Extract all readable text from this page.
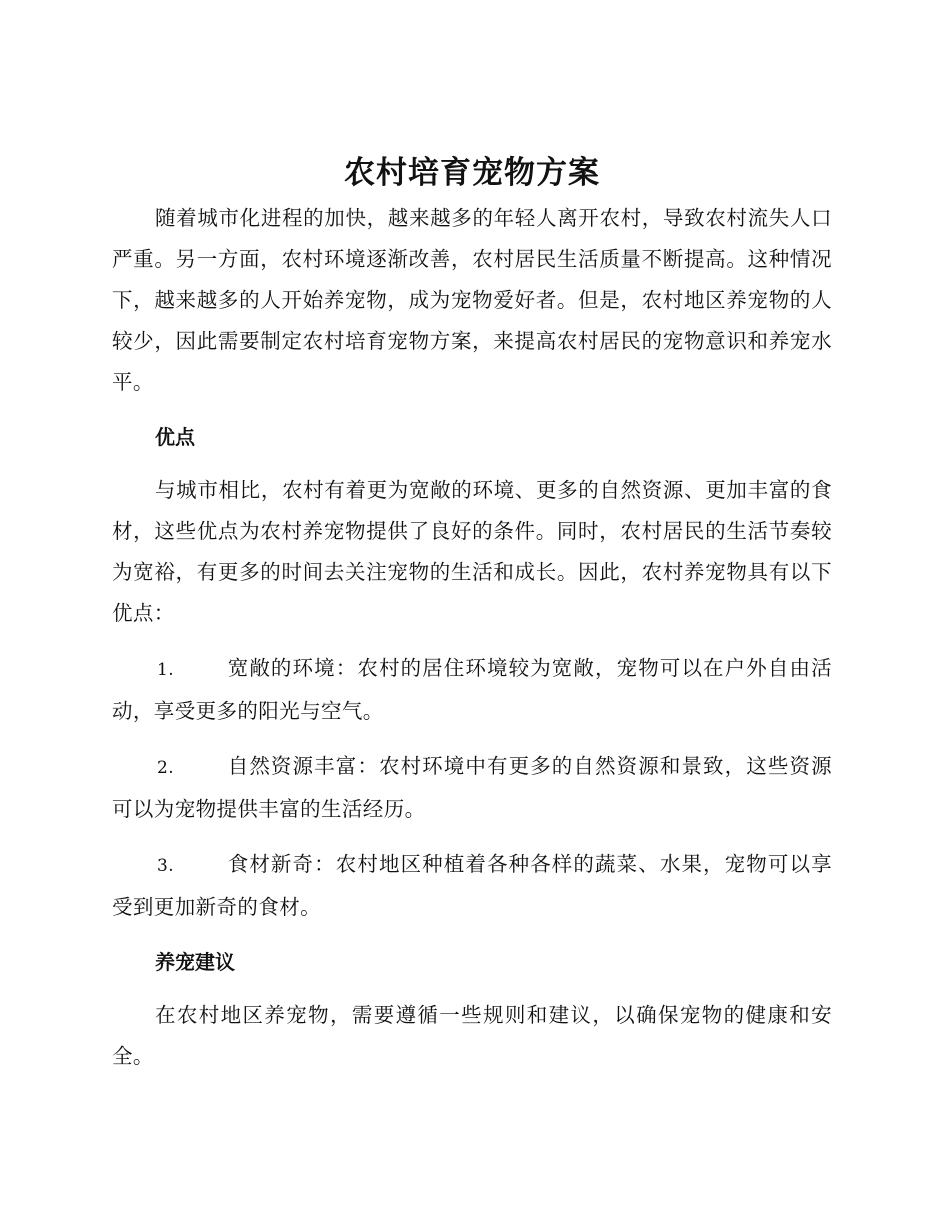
农村培育宠物方案

随着城市化进程的加快，越来越多的年轻人离开农村，导致农村流失人口严重。另一方面，农村环境逐渐改善，农村居民生活质量不断提高。这种情况下，越来越多的人开始养宠物，成为宠物爱好者。但是，农村地区养宠物的人较少，因此需要制定农村培育宠物方案，来提高农村居民的宠物意识和养宠水平。

优点

与城市相比，农村有着更为宽敞的环境、更多的自然资源、更加丰富的食材，这些优点为农村养宠物提供了良好的条件。同时，农村居民的生活节奏较为宽裕，有更多的时间去关注宠物的生活和成长。因此，农村养宠物具有以下优点：

1.	宽敞的环境：农村的居住环境较为宽敞，宠物可以在户外自由活动，享受更多的阳光与空气。
2.	自然资源丰富：农村环境中有更多的自然资源和景致，这些资源可以为宠物提供丰富的生活经历。
3.	食材新奇：农村地区种植着各种各样的蔬菜、水果，宠物可以享受到更加新奇的食材。
养宠建议

在农村地区养宠物，需要遵循一些规则和建议，以确保宠物的健康和安全。
